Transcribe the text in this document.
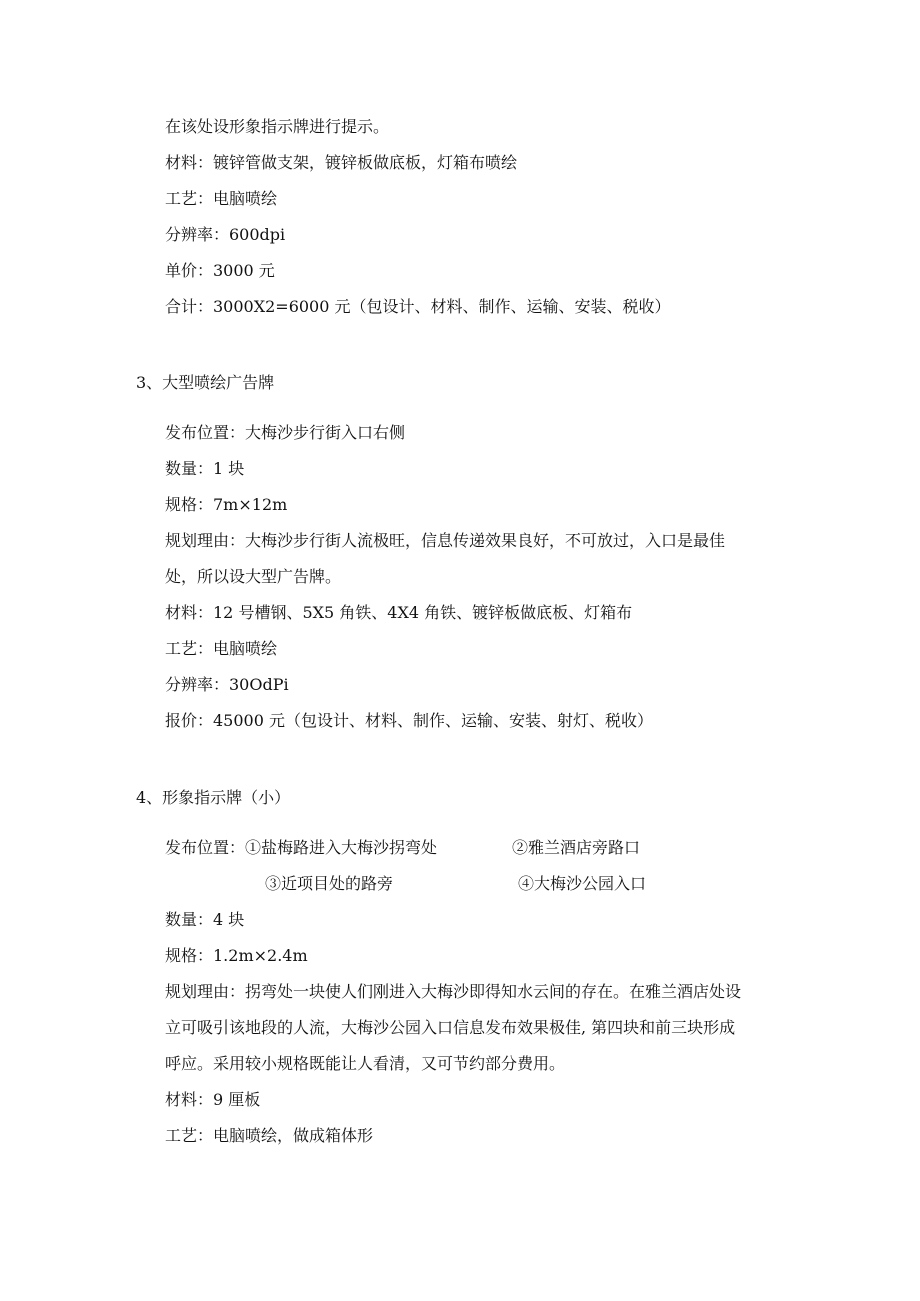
在该处设形象指示牌进行提示。
材料：镀锌管做支架，镀锌板做底板，灯箱布喷绘
工艺：电脑喷绘
分辨率：600dpi
单价：3000 元
合计：3000X2=6000 元（包设计、材料、制作、运输、安装、税收）
3、大型喷绘广告牌
发布位置：大梅沙步行街入口右侧
数量：1 块
规格：7m×12m
规划理由：大梅沙步行街人流极旺，信息传递效果良好，不可放过，入口是最佳
处，所以设大型广告牌。
材料：12 号槽钢、5X5 角铁、4X4 角铁、镀锌板做底板、灯箱布
工艺：电脑喷绘
分辨率：30OdPi
报价：45000 元（包设计、材料、制作、运输、安装、射灯、税收）
4、形象指示牌（小）
发布位置：①盐梅路进入大梅沙拐弯处	②雅兰酒店旁路口
③近项目处的路旁	④大梅沙公园入口
数量：4 块
规格：1.2m×2.4m
规划理由：拐弯处一块使人们刚进入大梅沙即得知水云间的存在。在雅兰酒店处设
立可吸引该地段的人流，大梅沙公园入口信息发布效果极佳, 第四块和前三块形成
呼应。采用较小规格既能让人看清，又可节约部分费用。
材料：9 厘板
工艺：电脑喷绘，做成箱体形
